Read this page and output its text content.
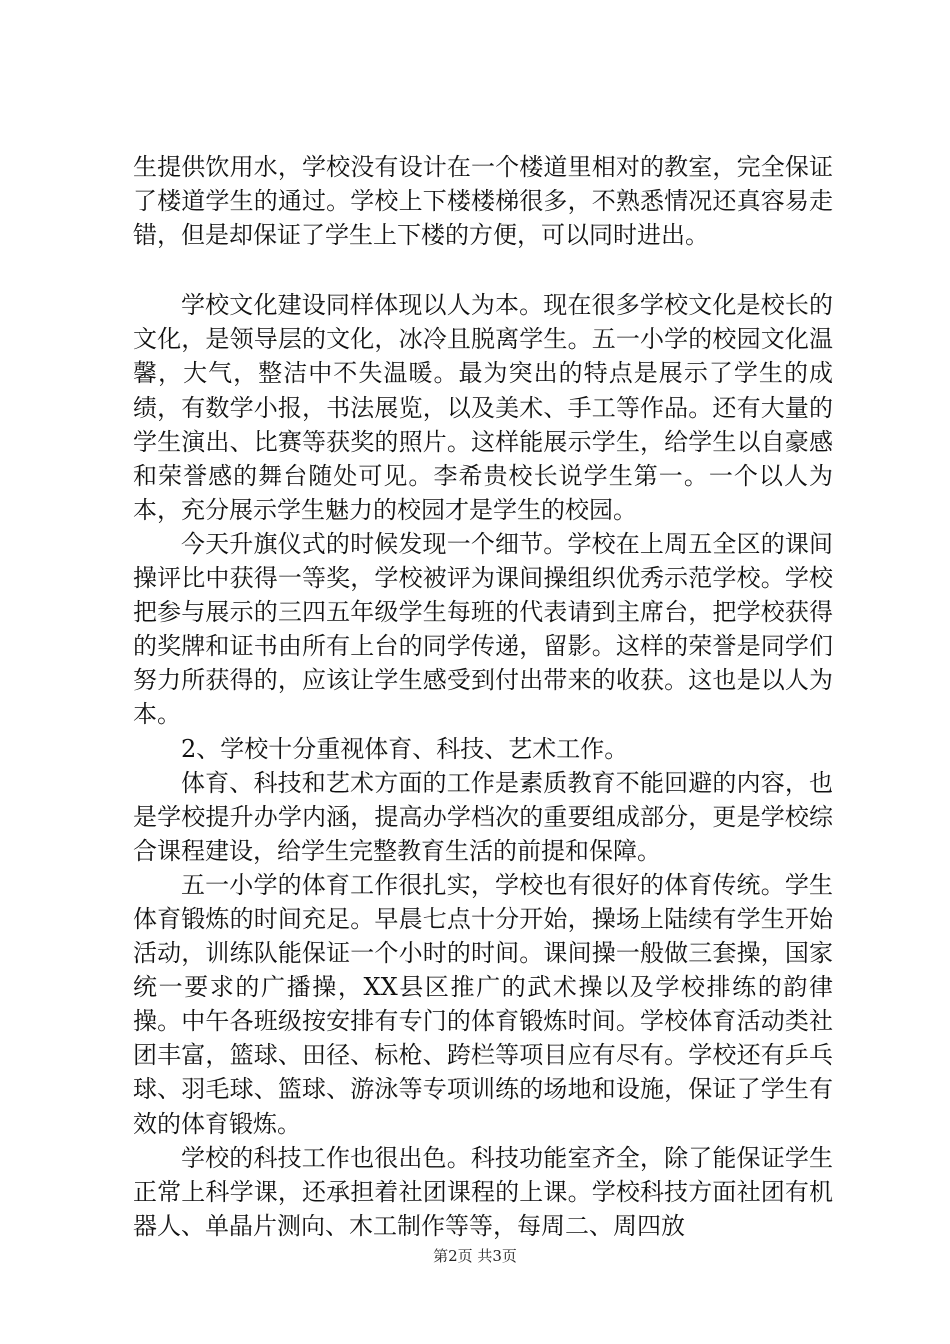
生提供饮用水，学校没有设计在一个楼道里相对的教室，完全保证了楼道学生的通过。学校上下楼楼梯很多，不熟悉情况还真容易走错，但是却保证了学生上下楼的方便，可以同时进出。

学校文化建设同样体现以人为本。现在很多学校文化是校长的文化，是领导层的文化，冰冷且脱离学生。五一小学的校园文化温馨，大气，整洁中不失温暖。最为突出的特点是展示了学生的成绩，有数学小报，书法展览，以及美术、手工等作品。还有大量的学生演出、比赛等获奖的照片。这样能展示学生，给学生以自豪感和荣誉感的舞台随处可见。李希贵校长说学生第一。一个以人为本，充分展示学生魅力的校园才是学生的校园。

今天升旗仪式的时候发现一个细节。学校在上周五全区的课间操评比中获得一等奖，学校被评为课间操组织优秀示范学校。学校把参与展示的三四五年级学生每班的代表请到主席台，把学校获得的奖牌和证书由所有上台的同学传递，留影。这样的荣誉是同学们努力所获得的，应该让学生感受到付出带来的收获。这也是以人为本。

2、学校十分重视体育、科技、艺术工作。

体育、科技和艺术方面的工作是素质教育不能回避的内容，也是学校提升办学内涵，提高办学档次的重要组成部分，更是学校综合课程建设，给学生完整教育生活的前提和保障。

五一小学的体育工作很扎实，学校也有很好的体育传统。学生体育锻炼的时间充足。早晨七点十分开始，操场上陆续有学生开始活动，训练队能保证一个小时的时间。课间操一般做三套操，国家统一要求的广播操，XX县区推广的武术操以及学校排练的韵律操。中午各班级按安排有专门的体育锻炼时间。学校体育活动类社团丰富，篮球、田径、标枪、跨栏等项目应有尽有。学校还有乒乓球、羽毛球、篮球、游泳等专项训练的场地和设施，保证了学生有效的体育锻炼。

学校的科技工作也很出色。科技功能室齐全，除了能保证学生正常上科学课，还承担着社团课程的上课。学校科技方面社团有机器人、单晶片测向、木工制作等等，每周二、周四放

第2页 共3页
